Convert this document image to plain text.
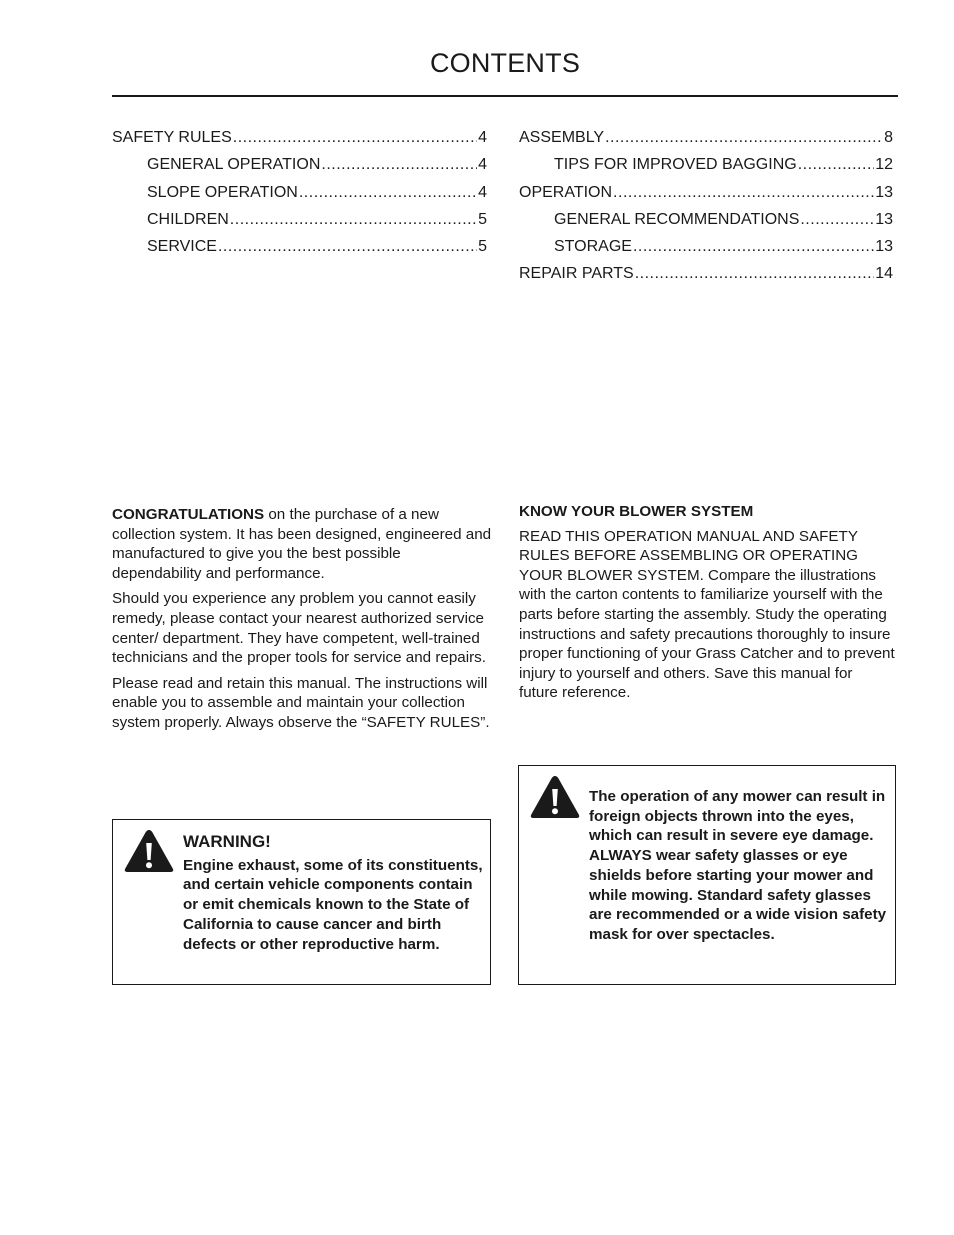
CONTENTS
SAFETY RULES .....	4
GENERAL OPERATION .....	4
SLOPE OPERATION .....	4
CHILDREN .....	5
SERVICE .....	5
ASSEMBLY .....	8
TIPS FOR IMPROVED BAGGING .....	12
OPERATION .....	13
GENERAL RECOMMENDATIONS .....	13
STORAGE .....	13
REPAIR PARTS .....	14

CONGRATULATIONS on the purchase of a new collection system. It has been designed, engineered and manufactured to give you the best possible dependability and performance.

Should you experience any problem you cannot easily remedy, please contact your nearest authorized service center/ department. They have competent, well-trained technicians and the proper tools for service and repairs.

Please read and retain this manual. The instructions will enable you to assemble and maintain your collection system properly. Always observe the “SAFETY RULES”.

KNOW YOUR BLOWER SYSTEM

READ THIS OPERATION MANUAL AND SAFETY RULES BEFORE ASSEMBLING OR OPERATING YOUR BLOWER SYSTEM. Compare the illustrations with the carton contents to familiarize yourself with the parts before starting the assembly. Study the operating instructions and safety precautions thoroughly to insure proper functioning of your Grass Catcher and to prevent injury to yourself and others. Save this manual for future reference.

WARNING!
Engine exhaust, some of its constituents, and certain vehicle components contain or emit chemicals known to the State of California to cause cancer and birth defects or other reproductive harm.
The operation of any mower can result in foreign objects thrown into the eyes, which can result in severe eye damage. ALWAYS wear safety glasses or eye shields before starting your mower and while mowing. Standard safety glasses are recommended or a wide vision safety mask for over spectacles.
